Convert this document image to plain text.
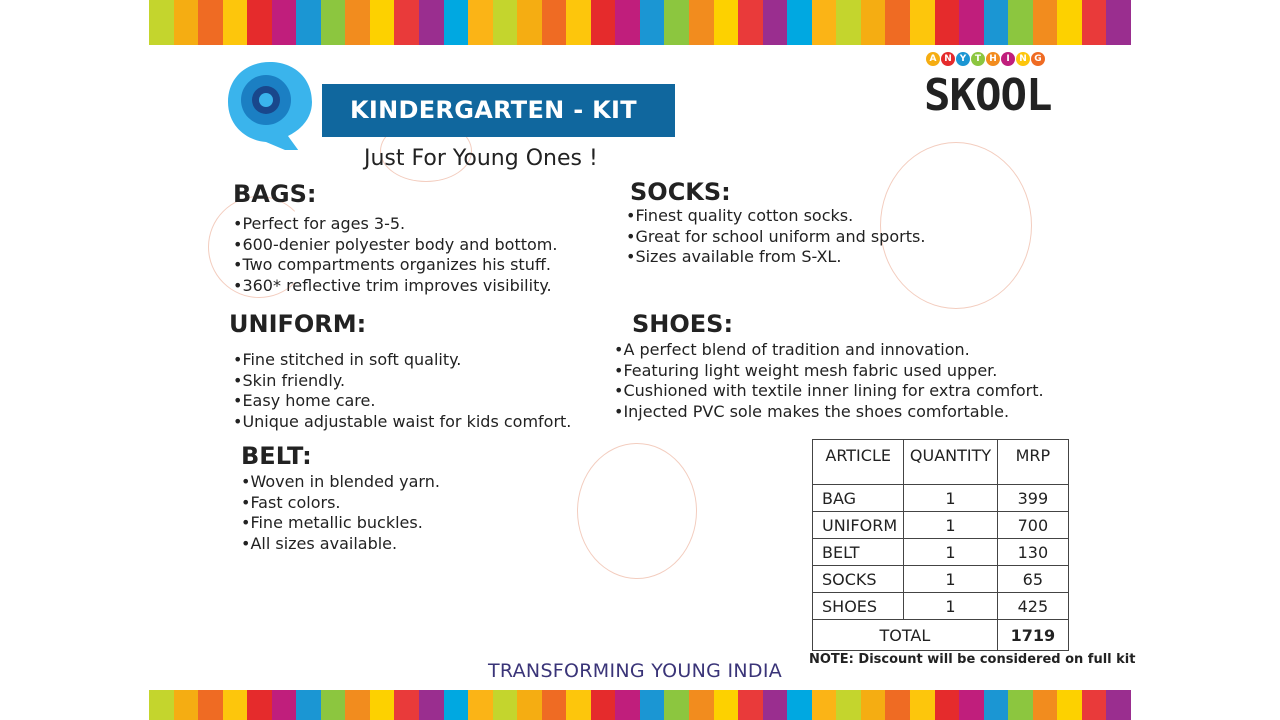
KINDERGARTEN - KIT
Just For Young Ones !
A N Y T H	I	N G
SKOOL
BAGS:
• Perfect for ages 3-5.
• 600-denier polyester body and bottom.
• Two compartments organizes his stuff.
• 360* reflective trim improves visibility.
SOCKS:
• Finest quality cotton socks.
• Great for school uniform and sports.
• Sizes available from S-XL.
UNIFORM:
• Fine stitched in soft quality.
• Skin friendly.
• Easy home care.
• Unique adjustable waist for kids comfort.
SHOES:
• A perfect blend of tradition and innovation.
• Featuring light weight mesh fabric used upper.
• Cushioned with textile inner lining for extra comfort.
• Injected PVC sole makes the shoes comfortable.
BELT:
• Woven in blended yarn.
• Fast colors.
• Fine metallic buckles.
• All sizes available.
ARTICLE	QUANTITY	MRP
BAG	1	399
UNIFORM	1	700
BELT	1	130
SOCKS	1	65
SHOES	1	425
TOTAL		1719
TRANSFORMING YOUNG INDIA
NOTE: Discount will be considered on full kit
